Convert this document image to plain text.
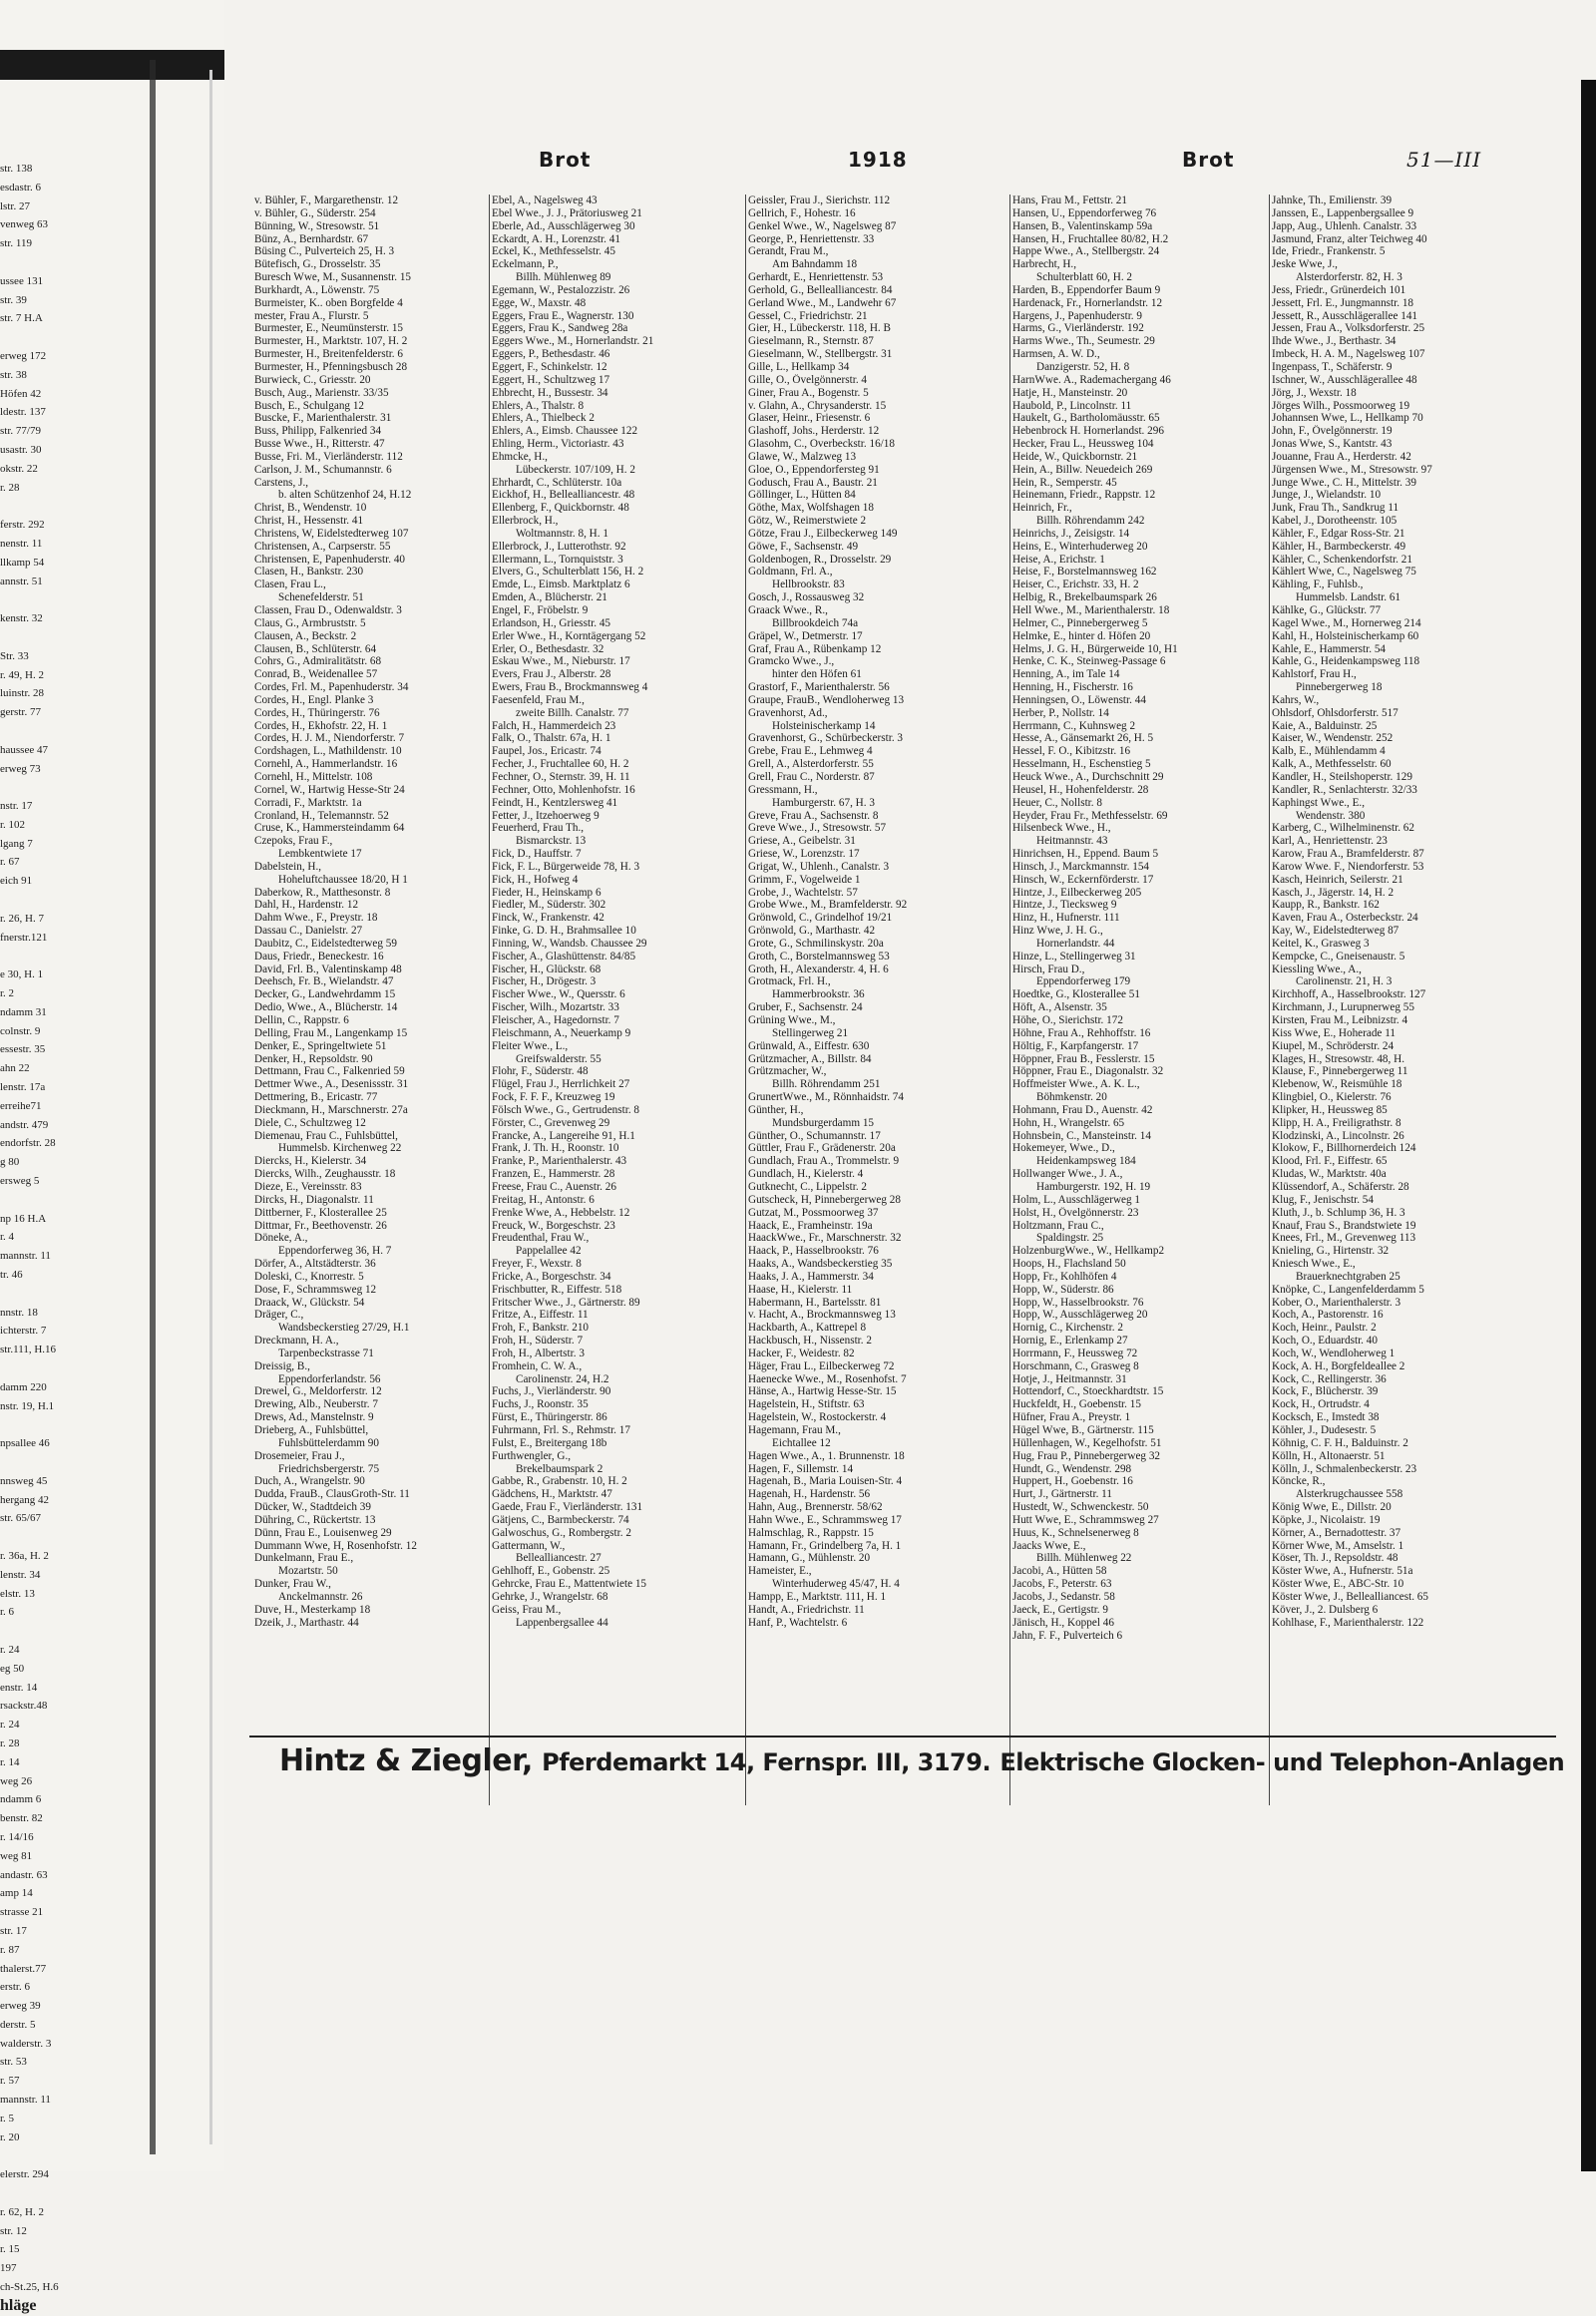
str. 138
esdastr. 6
lstr. 27
venweg 63
str. 119
ussee 131
str. 39
str. 7 H.A
erweg 172
str. 38
Höfen 42
ldestr. 137
str. 77/79
usastr. 30
okstr. 22
r. 28
ferstr. 292
nenstr. 11
llkamp 54
annstr. 51
kenstr. 32
Str. 33
r. 49, H. 2
luinstr. 28
gerstr. 77
haussee 47
erweg 73
nstr. 17
r. 102
lgang 7
r. 67
eich 91
r. 26, H. 7
fnerstr.121
e 30, H. 1
r. 2
ndamm 31
colnstr. 9
essestr. 35
ahn 22
lenstr. 17a
erreihe71
andstr. 479
endorfstr. 28
g 80
ersweg 5
np 16 H.A
r. 4
mannstr. 11
tr. 46
nnstr. 18
ichterstr. 7
str.111, H.16
damm 220
nstr. 19, H.1
npsallee 46
nnsweg 45
hergang 42
str. 65/67
r. 36a, H. 2
lenstr. 34
elstr. 13
r. 6
r. 24
eg 50
enstr. 14
rsackstr.48
r. 24
r. 28
r. 14
weg 26
ndamm 6
benstr. 82
r. 14/16
weg 81
andastr. 63
amp 14
strasse 21
str. 17
r. 87
thalerst.77
erstr. 6
erweg 39
derstr. 5
walderstr. 3
str. 53
r. 57
mannstr. 11
r. 5
r. 20
elerstr. 294
r. 62, H. 2
str. 12
r. 15
197
ch-St.25, H.6
hläge
Brot	1918	Brot	51—III
v. Bühler, F., Margarethenstr. 12
v. Bühler, G., Süderstr. 254
Bünning, W., Stresowstr. 51
Bünz, A., Bernhardstr. 67
Büsing C., Pulverteich 25, H. 3
Bütefisch, G., Drosselstr. 35
Buresch Wwe, M., Susannenstr. 15
Burkhardt, A., Löwenstr. 75
Burmeister, K.. oben Borgfelde 4
mester, Frau A., Flurstr. 5
Burmester, E., Neumünsterstr. 15
Burmester, H., Marktstr. 107, H. 2
Burmester, H., Breitenfelderstr. 6
Burmester, H., Pfenningsbusch 28
Burwieck, C., Griesstr. 20
Busch, Aug., Marienstr. 33/35
Busch, E., Schulgang 12
Buscke, F., Marienthalerstr. 31
Buss, Philipp, Falkenried 34
Busse Wwe., H., Ritterstr. 47
Busse, Fri. M., Vierländerstr. 112
Carlson, J. M., Schumannstr. 6
Carstens, J.,
b. alten Schützenhof 24, H.12
Christ, B., Wendenstr. 10
Christ, H., Hessenstr. 41
Christens, W, Eidelstedterweg 107
Christensen, A., Carpserstr. 55
Christensen, E, Papenhuderstr. 40
Clasen, H., Bankstr. 230
Clasen, Frau L.,
Schenefelderstr. 51
Classen, Frau D., Odenwaldstr. 3
Claus, G., Armbruststr. 5
Clausen, A., Beckstr. 2
Clausen, B., Schlüterstr. 64
Cohrs, G., Admiralitätstr. 68
Conrad, B., Weidenallee 57
Cordes, Frl. M., Papenhuderstr. 34
Cordes, H., Engl. Planke 3
Cordes, H., Thüringerstr. 76
Cordes, H., Ekhofstr. 22, H. 1
Cordes, H. J. M., Niendorferstr. 7
Cordshagen, L., Mathildenstr. 10
Cornehl, A., Hammerlandstr. 16
Cornehl, H., Mittelstr. 108
Cornel, W., Hartwig Hesse-Str 24
Corradi, F., Marktstr. 1a
Cronland, H., Telemannstr. 52
Cruse, K., Hammersteindamm 64
Czepoks, Frau F.,
Lembkentwiete 17
Dabelstein, H.,
Hoheluftchaussee 18/20, H 1
Daberkow, R., Matthesonstr. 8
Dahl, H., Hardenstr. 12
Dahm Wwe., F., Preystr. 18
Dassau C., Danielstr. 27
Daubitz, C., Eidelstedterweg 59
Daus, Friedr., Beneckestr. 16
David, Frl. B., Valentinskamp 48
Deehsch, Fr. B., Wielandstr. 47
Decker, G., Landwehrdamm 15
Dedio, Wwe., A., Blücherstr. 14
Dellin, C., Rappstr. 6
Delling, Frau M., Langenkamp 15
Denker, E., Springeltwiete 51
Denker, H., Repsoldstr. 90
Dettmann, Frau C., Falkenried 59
Dettmer Wwe., A., Desenissstr. 31
Dettmering, B., Ericastr. 77
Dieckmann, H., Marschnerstr. 27a
Diele, C., Schultzweg 12
Diemenau, Frau C., Fuhlsbüttel,
Hummelsb. Kirchenweg 22
Diercks, H., Kielerstr. 34
Diercks, Wilh., Zeughausstr. 18
Dieze, E., Vereinsstr. 83
Dircks, H., Diagonalstr. 11
Dittberner, F., Klosterallee 25
Dittmar, Fr., Beethovenstr. 26
Döneke, A.,
Eppendorferweg 36, H. 7
Dörfer, A., Altstädterstr. 36
Doleski, C., Knorrestr. 5
Dose, F., Schrammsweg 12
Draack, W., Glückstr. 54
Dräger, C.,
Wandsbeckerstieg 27/29, H.1
Dreckmann, H. A.,
Tarpenbeckstrasse 71
Dreissig, B.,
Eppendorferlandstr. 56
Drewel, G., Meldorferstr. 12
Drewing, Alb., Neuberstr. 7
Drews, Ad., Manstelnstr. 9
Drieberg, A., Fuhlsbüttel,
Fuhlsbüttelerdamm 90
Drosemeier, Frau J.,
Friedrichsbergerstr. 75
Duch, A., Wrangelstr. 90
Dudda, FrauB., ClausGroth-Str. 11
Dücker, W., Stadtdeich 39
Dühring, C., Rückertstr. 13
Dünn, Frau E., Louisenweg 29
Dummann Wwe, H, Rosenhofstr. 12
Dunkelmann, Frau E.,
Mozartstr. 50
Dunker, Frau W.,
Anckelmannstr. 26
Duve, H., Mesterkamp 18
Dzeik, J., Marthastr. 44
Ebel, A., Nagelsweg 43
Ebel Wwe., J. J., Prätoriusweg 21
Eberle, Ad., Ausschlägerweg 30
Eckardt, A. H., Lorenzstr. 41
Eckel, K., Methfesselstr. 45
Eckelmann, P.,
Billh. Mühlenweg 89
Egemann, W., Pestalozzistr. 26
Egge, W., Maxstr. 48
Eggers, Frau E., Wagnerstr. 130
Eggers, Frau K., Sandweg 28a
Eggers Wwe., M., Hornerlandstr. 21
Eggers, P., Bethesdastr. 46
Eggert, F., Schinkelstr. 12
Eggert, H., Schultzweg 17
Ehbrecht, H., Bussestr. 34
Ehlers, A., Thalstr. 8
Ehlers, A., Thielbeck 2
Ehlers, A., Eimsb. Chaussee 122
Ehling, Herm., Victoriastr. 43
Ehmcke, H.,
Lübeckerstr. 107/109, H. 2
Ehrhardt, C., Schlüterstr. 10a
Eickhof, H., Bellealliancestr. 48
Ellenberg, F., Quickbornstr. 48
Ellerbrock, H.,
Woltmannstr. 8, H. 1
Ellerbrock, J., Lutterothstr. 92
Ellermann, L., Tornquiststr. 3
Elvers, G., Schulterblatt 156, H. 2
Emde, L., Eimsb. Marktplatz 6
Emden, A., Blücherstr. 21
Engel, F., Fröbelstr. 9
Erlandson, H., Griesstr. 45
Erler Wwe., H., Korntägergang 52
Erler, O., Bethesdastr. 32
Eskau Wwe., M., Nieburstr. 17
Evers, Frau J., Alberstr. 28
Ewers, Frau B., Brockmannsweg 4
Faesenfeld, Frau M.,
zweite Billh. Canalstr. 77
Falch, H., Hammerdeich 23
Falk, O., Thalstr. 67a, H. 1
Faupel, Jos., Ericastr. 74
Fecher, J., Fruchtallee 60, H. 2
Fechner, O., Sternstr. 39, H. 11
Fechner, Otto, Mohlenhofstr. 16
Feindt, H., Kentzlersweg 41
Fetter, J., Itzehoerweg 9
Feuerherd, Frau Th.,
Bismarckstr. 13
Fick, D., Hauffstr. 7
Fick, F. L., Bürgerweide 78, H. 3
Fick, H., Hofweg 4
Fieder, H., Heinskamp 6
Fiedler, M., Süderstr. 302
Finck, W., Frankenstr. 42
Finke, G. D. H., Brahmsallee 10
Finning, W., Wandsb. Chaussee 29
Fischer, A., Glashüttenstr. 84/85
Fischer, H., Glückstr. 68
Fischer, H., Drögestr. 3
Fischer Wwe., W., Quersstr. 6
Fischer, Wilh., Mozartstr. 33
Fleischer, A., Hagedornstr. 7
Fleischmann, A., Neuerkamp 9
Fleiter Wwe., L.,
Greifswalderstr. 55
Flohr, F., Süderstr. 48
Flügel, Frau J., Herrlichkeit 27
Fock, F. F. F., Kreuzweg 19
Fölsch Wwe., G., Gertrudenstr. 8
Förster, C., Grevenweg 29
Francke, A., Langereihe 91, H.1
Frank, J. Th. H., Roonstr. 10
Franke, P., Marienthalerstr. 43
Franzen, E., Hammerstr. 28
Freese, Frau C., Auenstr. 26
Freitag, H., Antonstr. 6
Frenke Wwe, A., Hebbelstr. 12
Freuck, W., Borgeschstr. 23
Freudenthal, Frau W.,
Pappelallee 42
Freyer, F., Wexstr. 8
Fricke, A., Borgeschstr. 34
Frischbutter, R., Eiffestr. 518
Fritscher Wwe., J., Gärtnerstr. 89
Fritze, A., Eiffestr. 11
Froh, F., Bankstr. 210
Froh, H., Süderstr. 7
Froh, H., Albertstr. 3
Fromhein, C. W. A.,
Carolinenstr. 24, H.2
Fuchs, J., Vierländerstr. 90
Fuchs, J., Roonstr. 35
Fürst, E., Thüringerstr. 86
Fuhrmann, Frl. S., Rehmstr. 17
Fulst, E., Breitergang 18b
Furthwengler, G.,
Brekelbaumspark 2
Gabbe, R., Grabenstr. 10, H. 2
Gädchens, H., Marktstr. 47
Gaede, Frau F., Vierländerstr. 131
Gätjens, C., Barmbeckerstr. 74
Galwoschus, G., Rombergstr. 2
Gattermann, W.,
Bellealliancestr. 27
Gehlhoff, E., Gobenstr. 25
Gehrcke, Frau E., Mattentwiete 15
Gehrke, J., Wrangelstr. 68
Geiss, Frau M.,
Lappenbergsallee 44
Geissler, Frau J., Sierichstr. 112
Gellrich, F., Hohestr. 16
Genkel Wwe., W., Nagelsweg 87
George, P., Henriettenstr. 33
Gerandt, Frau M.,
Am Bahndamm 18
Gerhardt, E., Henriettenstr. 53
Gerhold, G., Bellealliancestr. 84
Gerland Wwe., M., Landwehr 67
Gessel, C., Friedrichstr. 21
Gier, H., Lübeckerstr. 118, H. B
Gieselmann, R., Sternstr. 87
Gieselmann, W., Stellbergstr. 31
Gille, L., Hellkamp 34
Gille, O., Övelgönnerstr. 4
Giner, Frau A., Bogenstr. 5
v. Glahn, A., Chrysanderstr. 15
Glaser, Heinr., Friesenstr. 6
Glashoff, Johs., Herderstr. 12
Glasohm, C., Overbeckstr. 16/18
Glawe, W., Malzweg 13
Gloe, O., Eppendorfersteg 91
Godusch, Frau A., Baustr. 21
Göllinger, L., Hütten 84
Göthe, Max, Wolfshagen 18
Götz, W., Reimerstwiete 2
Götze, Frau J., Eilbeckerweg 149
Göwe, F., Sachsenstr. 49
Goldenbogen, R., Drosselstr. 29
Goldmann, Frl. A.,
Hellbrookstr. 83
Gosch, J., Rossausweg 32
Graack Wwe., R.,
Billbrookdeich 74a
Gräpel, W., Detmerstr. 17
Graf, Frau A., Rübenkamp 12
Gramcko Wwe., J.,
hinter den Höfen 61
Grastorf, F., Marienthalerstr. 56
Graupe, FrauB., Wendloherweg 13
Gravenhorst, Ad.,
Holsteinischerkamp 14
Gravenhorst, G., Schürbeckerstr. 3
Grebe, Frau E., Lehmweg 4
Grell, A., Alsterdorferstr. 55
Grell, Frau C., Norderstr. 87
Gressmann, H.,
Hamburgerstr. 67, H. 3
Greve, Frau A., Sachsenstr. 8
Greve Wwe., J., Stresowstr. 57
Griese, A., Geibelstr. 31
Griese, W., Lorenzstr. 17
Grigat, W., Uhlenh., Canalstr. 3
Grimm, F., Vogelweide 1
Grobe, J., Wachtelstr. 57
Grobe Wwe., M., Bramfelderstr. 92
Grönwold, C., Grindelhof 19/21
Grönwold, G., Marthastr. 42
Grote, G., Schmilinskystr. 20a
Groth, C., Borstelmannsweg 53
Groth, H., Alexanderstr. 4, H. 6
Grotmack, Frl. H.,
Hammerbrookstr. 36
Gruber, F., Sachsenstr. 24
Grüning Wwe., M.,
Stellingerweg 21
Grünwald, A., Eiffestr. 630
Grützmacher, A., Billstr. 84
Grützmacher, W.,
Billh. Röhrendamm 251
GrunertWwe., M., Rönnhaidstr. 74
Günther, H.,
Mundsburgerdamm 15
Günther, O., Schumannstr. 17
Güttler, Frau F., Grädenerstr. 20a
Gundlach, Frau A., Trommelstr. 9
Gundlach, H., Kielerstr. 4
Gutknecht, C., Lippelstr. 2
Gutscheck, H, Pinnebergerweg 28
Gutzat, M., Possmoorweg 37
Haack, E., Framheinstr. 19a
HaackWwe., Fr., Marschnerstr. 32
Haack, P., Hasselbrookstr. 76
Haaks, A., Wandsbeckerstieg 35
Haaks, J. A., Hammerstr. 34
Haase, H., Kielerstr. 11
Habermann, H., Bartelsstr. 81
v. Hacht, A., Brockmannsweg 13
Hackbarth, A., Kattrepel 8
Hackbusch, H., Nissenstr. 2
Hacker, F., Weidestr. 82
Häger, Frau L., Eilbeckerweg 72
Haenecke Wwe., M., Rosenhofst. 7
Hänse, A., Hartwig Hesse-Str. 15
Hagelstein, H., Stiftstr. 63
Hagelstein, W., Rostockerstr. 4
Hagemann, Frau M.,
Eichtallee 12
Hagen Wwe., A., 1. Brunnenstr. 18
Hagen, F., Sillemstr. 14
Hagenah, B., Maria Louisen-Str. 4
Hagenah, H., Hardenstr. 56
Hahn, Aug., Brennerstr. 58/62
Hahn Wwe., E., Schrammsweg 17
Halmschlag, R., Rappstr. 15
Hamann, Fr., Grindelberg 7a, H. 1
Hamann, G., Mühlenstr. 20
Hameister, E.,
Winterhuderweg 45/47, H. 4
Hampp, E., Marktstr. 111, H. 1
Handt, A., Friedrichstr. 11
Hanf, P., Wachtelstr. 6
Hans, Frau M., Fettstr. 21
Hansen, U., Eppendorferweg 76
Hansen, B., Valentinskamp 59a
Hansen, H., Fruchtallee 80/82, H.2
Happe Wwe., A., Stellbergstr. 24
Harbrecht, H.,
Schulterblatt 60, H. 2
Harden, B., Eppendorfer Baum 9
Hardenack, Fr., Hornerlandstr. 12
Hargens, J., Papenhuderstr. 9
Harms, G., Vierländerstr. 192
Harms Wwe., Th., Seumestr. 29
Harmsen, A. W. D.,
Danzigerstr. 52, H. 8
HarnWwe. A., Rademachergang 46
Hatje, H., Mansteinstr. 20
Haubold, P., Lincolnstr. 11
Haukelt, G., Bartholomäusstr. 65
Hebenbrock H. Hornerlandst. 296
Hecker, Frau L., Heussweg 104
Heide, W., Quickbornstr. 21
Hein, A., Billw. Neuedeich 269
Hein, R., Semperstr. 45
Heinemann, Friedr., Rappstr. 12
Heinrich, Fr.,
Billh. Röhrendamm 242
Heinrichs, J., Zeisigstr. 14
Heins, E., Winterhuderweg 20
Heise, A., Erichstr. 1
Heise, F., Borstelmannsweg 162
Heiser, C., Erichstr. 33, H. 2
Helbig, R., Brekelbaumspark 26
Hell Wwe., M., Marienthalerstr. 18
Helmer, C., Pinnebergerweg 5
Helmke, E., hinter d. Höfen 20
Helms, J. G. H., Bürgerweide 10, H1
Henke, C. K., Steinweg-Passage 6
Henning, A., im Tale 14
Henning, H., Fischerstr. 16
Henningsen, O., Löwenstr. 44
Herber, P., Nollstr. 14
Herrmann, C., Kuhnsweg 2
Hesse, A., Gänsemarkt 26, H. 5
Hessel, F. O., Kibitzstr. 16
Hesselmann, H., Eschenstieg 5
Heuck Wwe., A., Durchschnitt 29
Heusel, H., Hohenfelderstr. 28
Heuer, C., Nollstr. 8
Heyder, Frau Fr., Methfesselstr. 69
Hilsenbeck Wwe., H.,
Heitmannstr. 43
Hinrichsen, H., Eppend. Baum 5
Hinsch, J., Marckmannstr. 154
Hinsch, W., Eckernförderstr. 17
Hintze, J., Eilbeckerweg 205
Hintze, J., Tiecksweg 9
Hinz, H., Hufnerstr. 111
Hinz Wwe, J. H. G.,
Hornerlandstr. 44
Hinze, L., Stellingerweg 31
Hirsch, Frau D.,
Eppendorferweg 179
Hoedtke, G., Klosterallee 51
Höft, A., Alsenstr. 35
Höhe, O., Sierichstr. 172
Höhne, Frau A., Rehhoffstr. 16
Höltig, F., Karpfangerstr. 17
Höppner, Frau B., Fesslerstr. 15
Höppner, Frau E., Diagonalstr. 32
Hoffmeister Wwe., A. K. L.,
Böhmkenstr. 20
Hohmann, Frau D., Auenstr. 42
Hohn, H., Wrangelstr. 65
Hohnsbein, C., Mansteinstr. 14
Hokemeyer, Wwe., D.,
Heidenkampsweg 184
Hollwanger Wwe., J. A.,
Hamburgerstr. 192, H. 19
Holm, L., Ausschlägerweg 1
Holst, H., Övelgönnerstr. 23
Holtzmann, Frau C.,
Spaldingstr. 25
HolzenburgWwe., W., Hellkamp2
Hoops, H., Flachsland 50
Hopp, Fr., Kohlhöfen 4
Hopp, W., Süderstr. 86
Hopp, W., Hasselbrookstr. 76
Hopp, W., Ausschlägerweg 20
Hornig, C., Kirchenstr. 2
Hornig, E., Erlenkamp 27
Horrmann, F., Heussweg 72
Horschmann, C., Grasweg 8
Hotje, J., Heitmannstr. 31
Hottendorf, C., Stoeckhardtstr. 15
Huckfeldt, H., Goebenstr. 15
Hüfner, Frau A., Preystr. 1
Hügel Wwe, B., Gärtnerstr. 115
Hüllenhagen, W., Kegelhofstr. 51
Hug, Frau P., Pinnebergerweg 32
Hundt, G., Wendenstr. 298
Huppert, H., Goebenstr. 16
Hurt, J., Gärtnerstr. 11
Hustedt, W., Schwenckestr. 50
Hutt Wwe, E., Schrammsweg 27
Huus, K., Schnelsenerweg 8
Jaacks Wwe, E.,
Billh. Mühlenweg 22
Jacobi, A., Hütten 58
Jacobs, F., Peterstr. 63
Jacobs, J., Sedanstr. 58
Jaeck, E., Gertigstr. 9
Jänisch, H., Koppel 46
Jahn, F. F., Pulverteich 6
Jahnke, Th., Emilienstr. 39
Janssen, E., Lappenbergsallee 9
Japp, Aug., Uhlenh. Canalstr. 33
Jasmund, Franz, alter Teichweg 40
Ide, Friedr., Frankenstr. 5
Jeske Wwe, J.,
Alsterdorferstr. 82, H. 3
Jess, Friedr., Grünerdeich 101
Jessett, Frl. E., Jungmannstr. 18
Jessett, R., Ausschlägerallee 141
Jessen, Frau A., Volksdorferstr. 25
Ihde Wwe., J., Berthastr. 34
Imbeck, H. A. M., Nagelsweg 107
Ingenpass, T., Schäferstr. 9
Ischner, W., Ausschlägerallee 48
Jörg, J., Wexstr. 18
Jörges Wilh., Possmoorweg 19
Johannsen Wwe, L., Hellkamp 70
John, F., Övelgönnerstr. 19
Jonas Wwe, S., Kantstr. 43
Jouanne, Frau A., Herderstr. 42
Jürgensen Wwe., M., Stresowstr. 97
Junge Wwe., C. H., Mittelstr. 39
Junge, J., Wielandstr. 10
Junk, Frau Th., Sandkrug 11
Kabel, J., Dorotheenstr. 105
Kähler, F., Edgar Ross-Str. 21
Kähler, H., Barmbeckerstr. 49
Kähler, C., Schenkendorfstr. 21
Kählert Wwe, C., Nagelsweg 75
Kähling, F., Fuhlsb.,
Hummelsb. Landstr. 61
Kählke, G., Glückstr. 77
Kagel Wwe., M., Hornerweg 214
Kahl, H., Holsteinischerkamp 60
Kahle, E., Hammerstr. 54
Kahle, G., Heidenkampsweg 118
Kahlstorf, Frau H.,
Pinnebergerweg 18
Kahrs, W.,
Ohlsdorf, Ohlsdorferstr. 517
Kaie, A., Balduinstr. 25
Kaiser, W., Wendenstr. 252
Kalb, E., Mühlendamm 4
Kalk, A., Methfesselstr. 60
Kandler, H., Steilshoperstr. 129
Kandler, R., Senlachterstr. 32/33
Kaphingst Wwe., E.,
Wendenstr. 380
Karberg, C., Wilhelminenstr. 62
Karl, A., Henriettenstr. 23
Karow, Frau A., Bramfelderstr. 87
Karow Wwe. F., Niendorferstr. 53
Kasch, Heinrich, Seilerstr. 21
Kasch, J., Jägerstr. 14, H. 2
Kaupp, R., Bankstr. 162
Kaven, Frau A., Osterbeckstr. 24
Kay, W., Eidelstedterweg 87
Keitel, K., Grasweg 3
Kempcke, C., Gneisenaustr. 5
Kiessling Wwe., A.,
Carolinenstr. 21, H. 3
Kirchhoff, A., Hasselbrookstr. 127
Kirchmann, J., Lurupnerweg 55
Kirsten, Frau M., Leibnizstr. 4
Kiss Wwe, E., Hoherade 11
Kiupel, M., Schröderstr. 24
Klages, H., Stresowstr. 48, H.
Klause, F., Pinnebergerweg 11
Klebenow, W., Reismühle 18
Klingbiel, O., Kielerstr. 76
Klipker, H., Heussweg 85
Klipp, H. A., Freiligrathstr. 8
Klodzinski, A., Lincolnstr. 26
Klokow, F., Billhornerdeich 124
Klood, Frl. F., Eiffestr. 65
Kludas, W., Marktstr. 40a
Klüssendorf, A., Schäferstr. 28
Klug, F., Jenischstr. 54
Kluth, J., b. Schlump 36, H. 3
Knauf, Frau S., Brandstwiete 19
Knees, Frl., M., Grevenweg 113
Knieling, G., Hirtenstr. 32
Kniesch Wwe., E.,
Brauerknechtgraben 25
Knöpke, C., Langenfelderdamm 5
Kober, O., Marienthalerstr. 3
Koch, A., Pastorenstr. 16
Koch, Heinr., Paulstr. 2
Koch, O., Eduardstr. 40
Koch, W., Wendloherweg 1
Kock, A. H., Borgfeldeallee 2
Kock, C., Rellingerstr. 36
Kock, F., Blücherstr. 39
Kock, H., Ortrudstr. 4
Kocksch, E., Imstedt 38
Köhler, J., Dudesestr. 5
Köhnig, C. F. H., Balduinstr. 2
Kölln, H., Altonaerstr. 51
Kölln, J., Schmalenbeckerstr. 23
Köncke, R.,
Alsterkrugchaussee 558
König Wwe, E., Dillstr. 20
Köpke, J., Nicolaistr. 19
Körner, A., Bernadottestr. 37
Körner Wwe, M., Amselstr. 1
Köser, Th. J., Repsoldstr. 48
Köster Wwe, A., Hufnerstr. 51a
Köster Wwe, E., ABC-Str. 10
Köster Wwe, J., Bellealliancest. 65
Köver, J., 2. Dulsberg 6
Kohlhase, F., Marienthalerstr. 122
Hintz & Ziegler, Pferdemarkt 14, Fernspr. III, 3179. Elektrische Glocken- und Telephon-Anlagen
